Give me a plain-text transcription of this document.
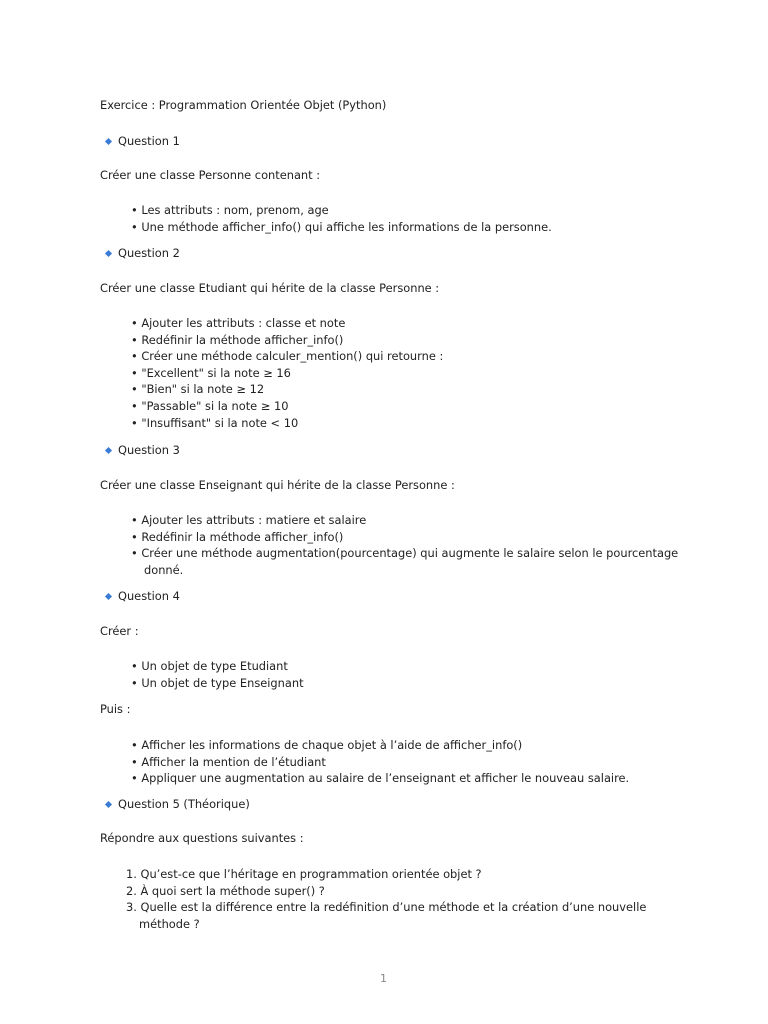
Exercice : Programmation Orientée Objet (Python)
Question 1
Créer une classe Personne contenant :
• Les attributs : nom, prenom, age
• Une méthode afficher_info() qui affiche les informations de la personne.
Question 2
Créer une classe Etudiant qui hérite de la classe Personne :
• Ajouter les attributs : classe et note
• Redéfinir la méthode afficher_info()
• Créer une méthode calculer_mention() qui retourne :
• "Excellent" si la note ≥ 16
• "Bien" si la note ≥ 12
• "Passable" si la note ≥ 10
• "Insuffisant" si la note < 10
Question 3
Créer une classe Enseignant qui hérite de la classe Personne :
• Ajouter les attributs : matiere et salaire
• Redéfinir la méthode afficher_info()
• Créer une méthode augmentation(pourcentage) qui augmente le salaire selon le pourcentage
donné.
Question 4
Créer :
• Un objet de type Etudiant
• Un objet de type Enseignant
Puis :
• Afficher les informations de chaque objet à l’aide de afficher_info()
• Afficher la mention de l’étudiant
• Appliquer une augmentation au salaire de l’enseignant et afficher le nouveau salaire.
Question 5 (Théorique)
Répondre aux questions suivantes :
1. Qu’est-ce que l’héritage en programmation orientée objet ?
2. À quoi sert la méthode super() ?
3. Quelle est la différence entre la redéfinition d’une méthode et la création d’une nouvelle
méthode ?
1
